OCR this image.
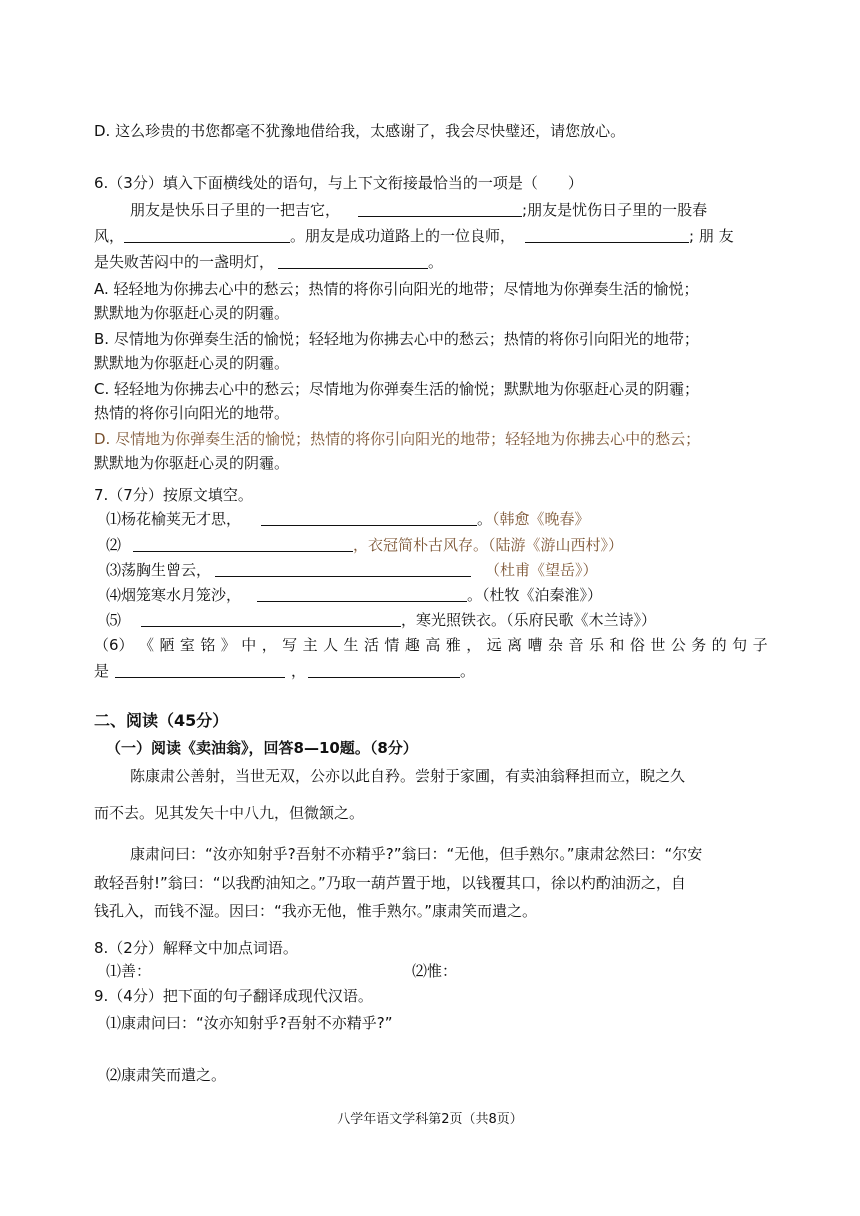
D. 这么珍贵的书您都毫不犹豫地借给我，太感谢了，我会尽快璧还，请您放心。
6.（3分）填入下面横线处的语句，与上下文衔接最恰当的一项是（　　）
朋友是快乐日子里的一把吉它，	;朋友是忧伤日子里的一股春
风，	。朋友是成功道路上的一位良师，	; 朋 友
是失败苦闷中的一盏明灯，	。
A. 轻轻地为你拂去心中的愁云；热情的将你引向阳光的地带；尽情地为你弹奏生活的愉悦；
默默地为你驱赶心灵的阴霾。
B. 尽情地为你弹奏生活的愉悦；轻轻地为你拂去心中的愁云；热情的将你引向阳光的地带；
默默地为你驱赶心灵的阴霾。
C. 轻轻地为你拂去心中的愁云；尽情地为你弹奏生活的愉悦；默默地为你驱赶心灵的阴霾；
热情的将你引向阳光的地带。
D. 尽情地为你弹奏生活的愉悦；热情的将你引向阳光的地带；轻轻地为你拂去心中的愁云；
默默地为你驱赶心灵的阴霾。
7.（7分）按原文填空。
⑴杨花榆荚无才思，	。（韩愈《晚春》
⑵	，衣冠简朴古风存。（陆游《游山西村》）
⑶荡胸生曾云，	（杜甫《望岳》）
⑷烟笼寒水月笼沙，	。（杜牧《泊秦淮》）
⑸	，寒光照铁衣。（乐府民歌《木兰诗》）
（6） 《 陋 室 铭 》 中 ， 写 主 人 生 活 情 趣 高 雅 ， 远 离 嘈 杂 音 乐 和 俗 世 公 务 的 句 子
是	，	。
二、阅读（45分）
（一）阅读《卖油翁》，回答8—10题。（8分）
陈康肃公善射，当世无双，公亦以此自矜。尝射于家圃，有卖油翁释担而立，睨之久
而不去。见其发矢十中八九，但微颔之。
康肃问曰：“汝亦知射乎?吾射不亦精乎?”翁曰：“无他，但手熟尔。”康肃忿然曰：“尔安
敢轻吾射!”翁曰：“以我酌油知之。”乃取一葫芦置于地，以钱覆其口，徐以杓酌油沥之，自
钱孔入，而钱不湿。因曰：“我亦无他，惟手熟尔。”康肃笑而遣之。
8.（2分）解释文中加点词语。
⑴善：	⑵惟：
9.（4分）把下面的句子翻译成现代汉语。
⑴康肃问曰：“汝亦知射乎?吾射不亦精乎?”
⑵康肃笑而遣之。
八学年语文学科第2页（共8页）
